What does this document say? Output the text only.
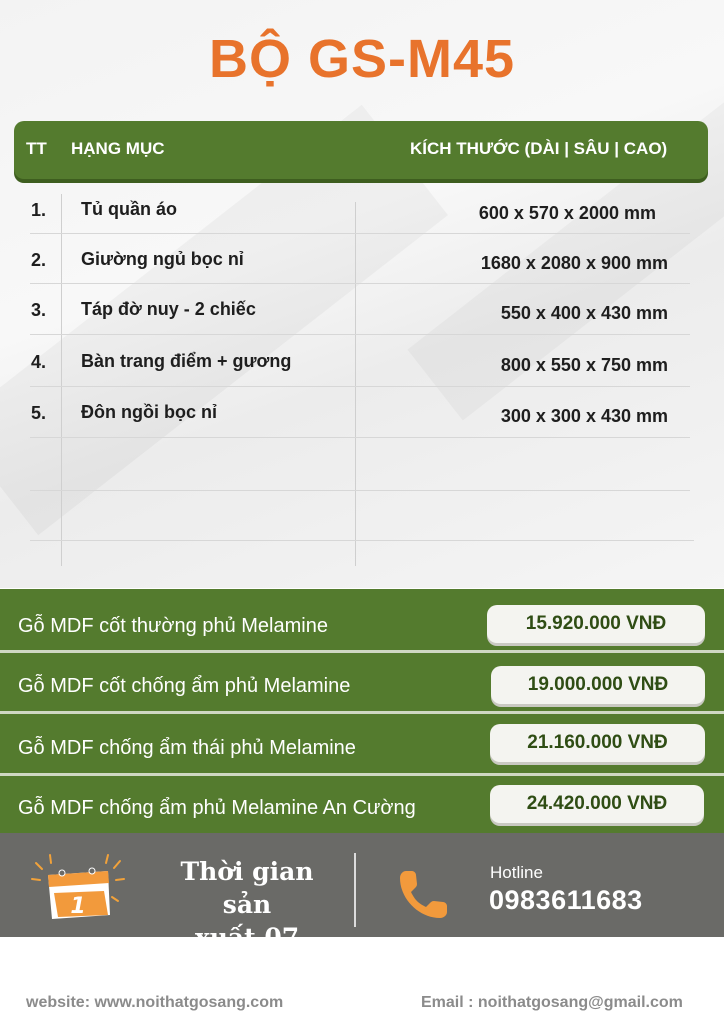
BỘ GS-M45
TT HẠNG MỤC	KÍCH THƯỚC (DÀI | SÂU | CAO)
1. Tủ quần áo	600 x 570 x 2000 mm
2. Giường ngủ bọc nỉ	1680 x 2080 x 900 mm
3. Táp đờ nuy - 2 chiếc	550 x 400 x 430 mm
4. Bàn trang điểm + gương	800 x 550 x 750 mm
5. Đôn ngồi bọc nỉ	300 x 300 x 430 mm
Gỗ MDF cốt thường phủ Melamine	15.920.000 VNĐ
Gỗ MDF cốt chống ẩm phủ Melamine	19.000.000 VNĐ
Gỗ MDF chống ẩm thái phủ Melamine	21.160.000 VNĐ
Gỗ MDF chống ẩm phủ Melamine An Cường	24.420.000 VNĐ
1
Thời gian sản
xuất 07 ngày
Hotline
0983611683
website: www.noithatgosang.com	Email : noithatgosang@gmail.com
